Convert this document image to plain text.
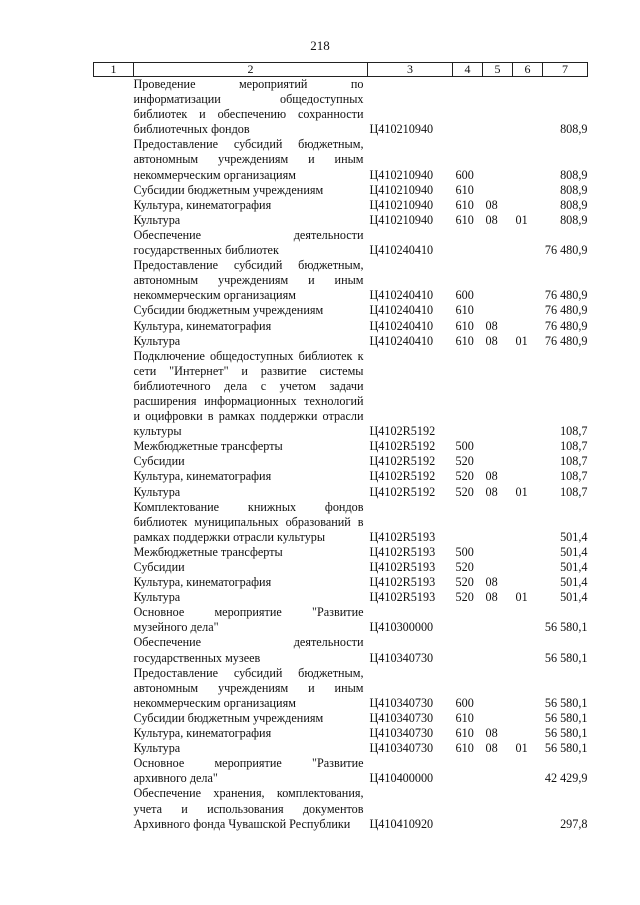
218
1	2	3	4	5	6	7
	Проведение мероприятий по информатизации общедоступных библиотек и обеспечению сохранности библиотечных фондов	Ц410210940				808,9
	Предоставление субсидий бюджетным, автономным учреждениям и иным некоммерческим организациям	Ц410210940	600			808,9
	Субсидии бюджетным учреждениям	Ц410210940	610			808,9
	Культура, кинематография	Ц410210940	610	08		808,9
	Культура	Ц410210940	610	08	01	808,9
	Обеспечение деятельности государственных библиотек	Ц410240410				76 480,9
	Предоставление субсидий бюджетным, автономным учреждениям и иным некоммерческим организациям	Ц410240410	600			76 480,9
	Субсидии бюджетным учреждениям	Ц410240410	610			76 480,9
	Культура, кинематография	Ц410240410	610	08		76 480,9
	Культура	Ц410240410	610	08	01	76 480,9
	Подключение общедоступных библиотек к сети "Интернет" и развитие системы библиотечного дела с учетом задачи расширения информационных технологий и оцифровки в рамках поддержки отрасли культуры	Ц4102R5192				108,7
	Межбюджетные трансферты	Ц4102R5192	500			108,7
	Субсидии	Ц4102R5192	520			108,7
	Культура, кинематография	Ц4102R5192	520	08		108,7
	Культура	Ц4102R5192	520	08	01	108,7
	Комплектование книжных фондов библиотек муниципальных образований в рамках поддержки отрасли культуры	Ц4102R5193				501,4
	Межбюджетные трансферты	Ц4102R5193	500			501,4
	Субсидии	Ц4102R5193	520			501,4
	Культура, кинематография	Ц4102R5193	520	08		501,4
	Культура	Ц4102R5193	520	08	01	501,4
	Основное мероприятие "Развитие музейного дела"	Ц410300000				56 580,1
	Обеспечение деятельности государственных музеев	Ц410340730				56 580,1
	Предоставление субсидий бюджетным, автономным учреждениям и иным некоммерческим организациям	Ц410340730	600			56 580,1
	Субсидии бюджетным учреждениям	Ц410340730	610			56 580,1
	Культура, кинематография	Ц410340730	610	08		56 580,1
	Культура	Ц410340730	610	08	01	56 580,1
	Основное мероприятие "Развитие архивного дела"	Ц410400000				42 429,9
	Обеспечение хранения, комплектования, учета и использования документов Архивного фонда Чувашской Республики	Ц410410920				297,8
